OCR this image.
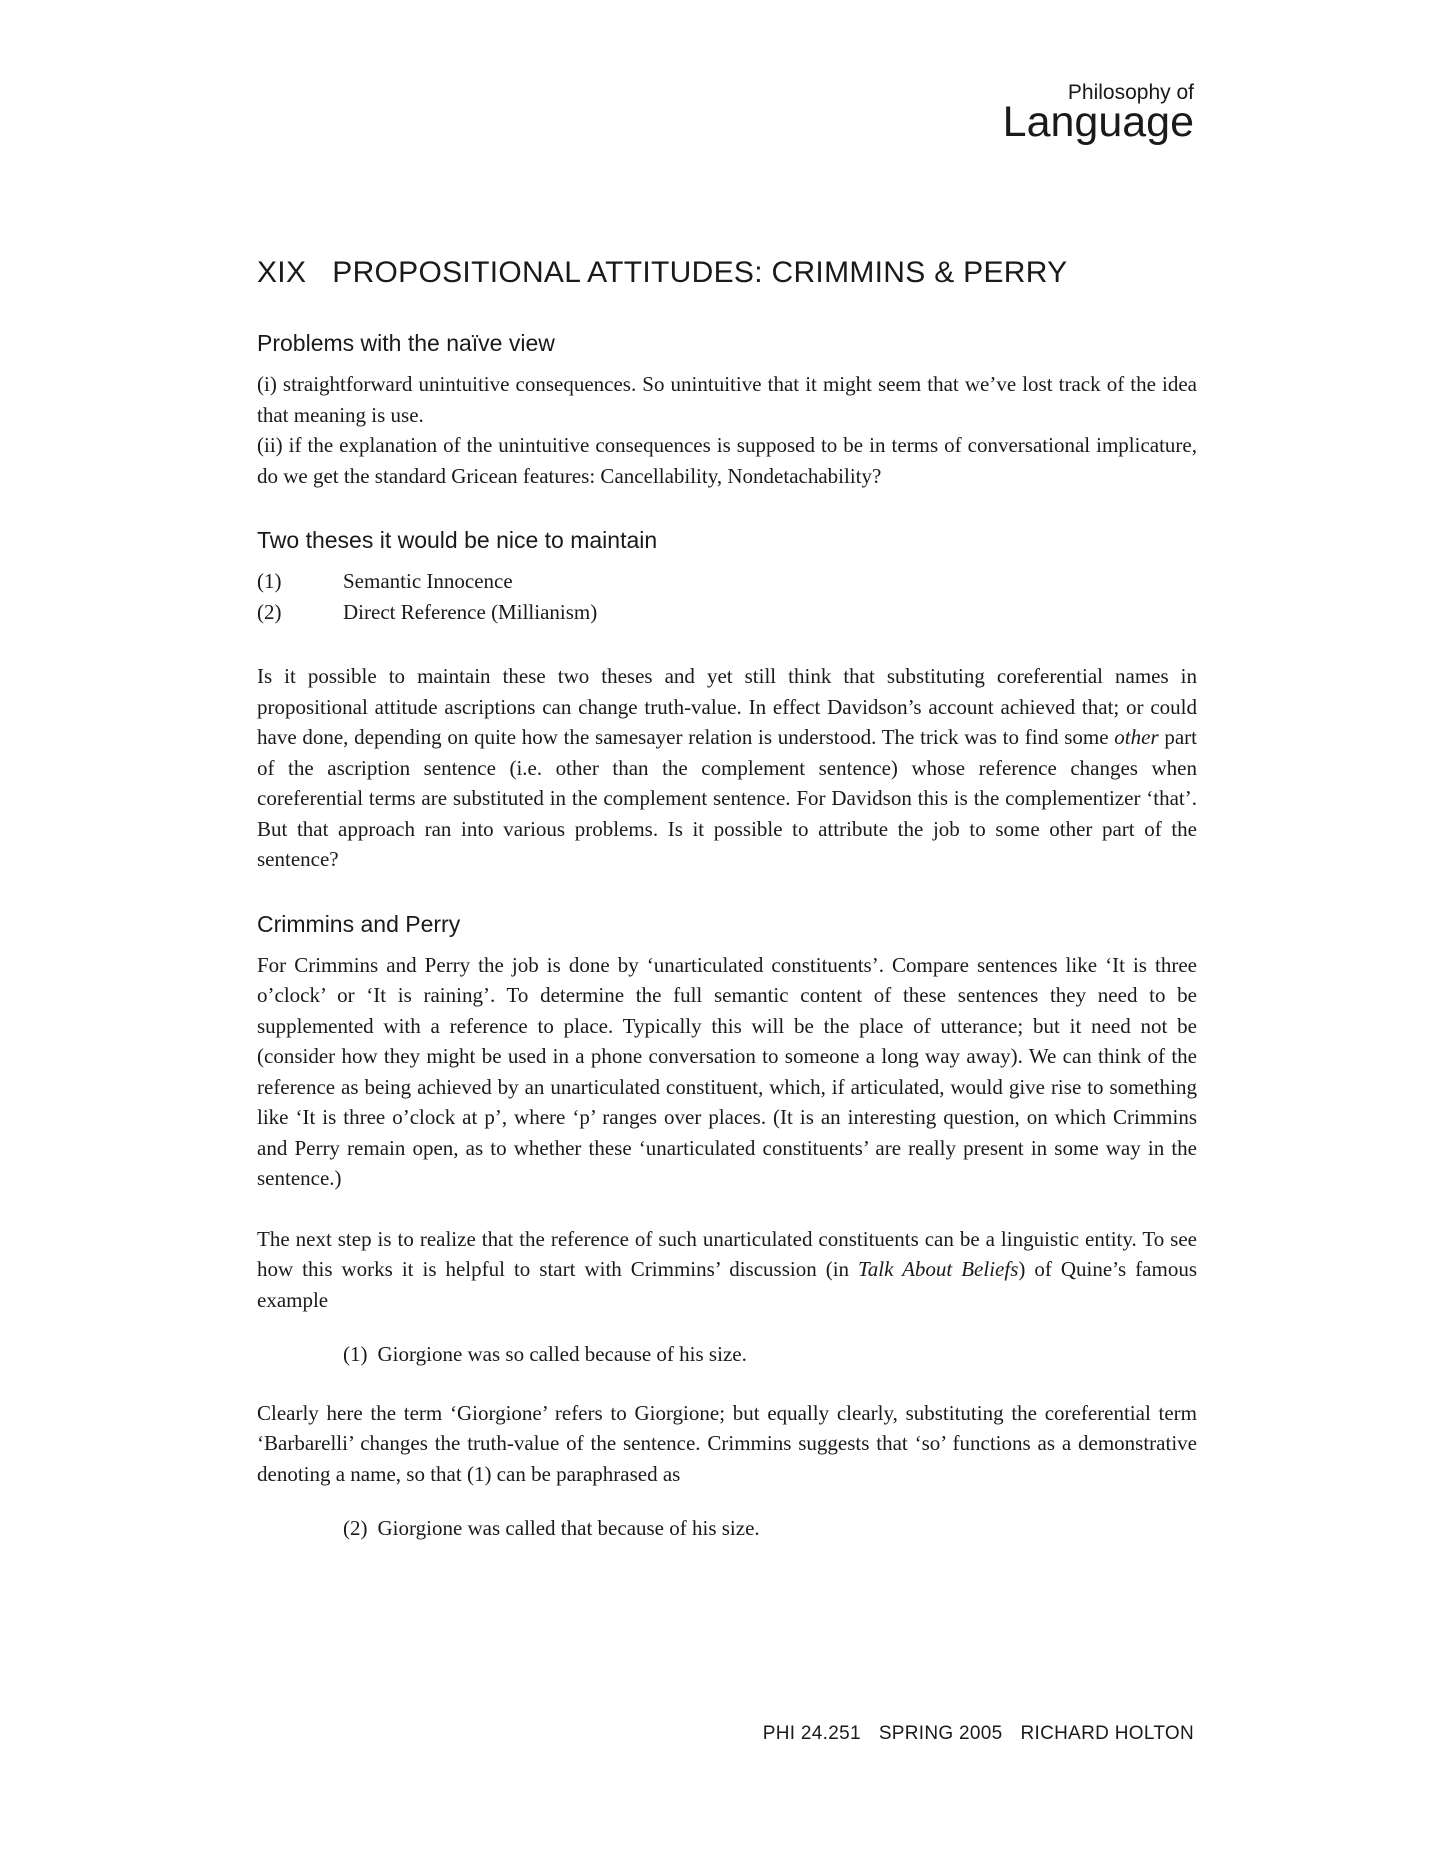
Philosophy of
Language
XIX PROPOSITIONAL ATTITUDES: CRIMMINS & PERRY
Problems with the naïve view

(i) straightforward unintuitive consequences. So unintuitive that it might seem that we’ve lost track of the idea that meaning is use.

(ii) if the explanation of the unintuitive consequences is supposed to be in terms of conversational implicature, do we get the standard Gricean features: Cancellability, Nondetachability?

Two theses it would be nice to maintain
(1)	Semantic Innocence
(2)	Direct Reference (Millianism)

Is it possible to maintain these two theses and yet still think that substituting coreferential names in propositional attitude ascriptions can change truth-value. In effect Davidson’s account achieved that; or could have done, depending on quite how the samesayer relation is understood. The trick was to find some other part of the ascription sentence (i.e. other than the complement sentence) whose reference changes when coreferential terms are substituted in the complement sentence. For Davidson this is the complementizer ‘that’. But that approach ran into various problems. Is it possible to attribute the job to some other part of the sentence?

Crimmins and Perry

For Crimmins and Perry the job is done by ‘unarticulated constituents’. Compare sentences like ‘It is three o’clock’ or ‘It is raining’. To determine the full semantic content of these sentences they need to be supplemented with a reference to place. Typically this will be the place of utterance; but it need not be (consider how they might be used in a phone conversation to someone a long way away). We can think of the reference as being achieved by an unarticulated constituent, which, if articulated, would give rise to something like ‘It is three o’clock at p’, where ‘p’ ranges over places. (It is an interesting question, on which Crimmins and Perry remain open, as to whether these ‘unarticulated constituents’ are really present in some way in the sentence.)

The next step is to realize that the reference of such unarticulated constituents can be a linguistic entity. To see how this works it is helpful to start with Crimmins’ discussion (in Talk About Beliefs) of Quine’s famous example

(1) Giorgione was so called because of his size.

Clearly here the term ‘Giorgione’ refers to Giorgione; but equally clearly, substituting the coreferential term ‘Barbarelli’ changes the truth-value of the sentence. Crimmins suggests that ‘so’ functions as a demonstrative denoting a name, so that (1) can be paraphrased as

(2) Giorgione was called that because of his size.
PHI 24.251 SPRING 2005 RICHARD HOLTON
